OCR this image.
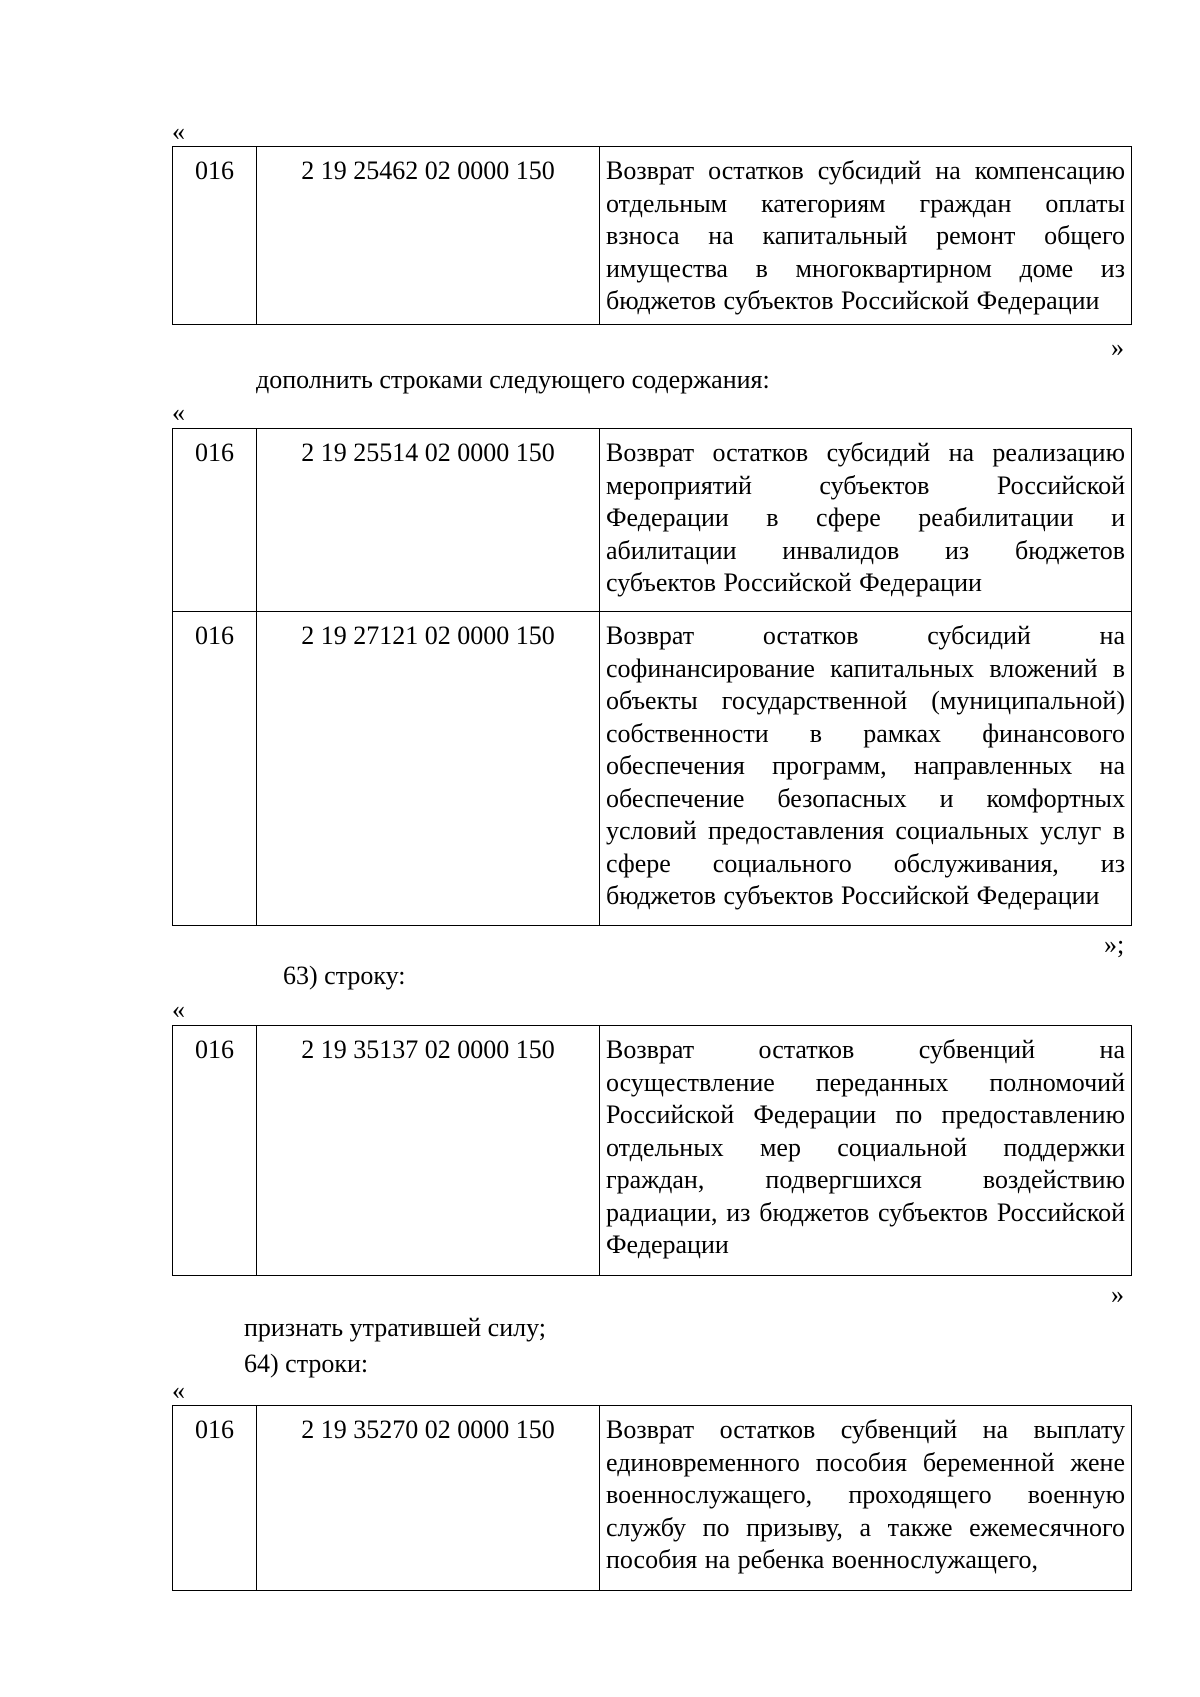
«
016	2 19 25462 02 0000 150	Возврат остатков субсидий на компенсацию отдельным категориям граждан оплаты взноса на капитальный ремонт общего имущества в многоквартирном доме из бюджетов субъектов Российской Федерации
»
дополнить строками следующего содержания:
«
016	2 19 25514 02 0000 150	Возврат остатков субсидий на реализацию мероприятий субъектов Российской Федерации в сфере реабилитации и абилитации инвалидов из бюджетов субъектов Российской Федерации
016	2 19 27121 02 0000 150	Возврат остатков субсидий на софинансирование капитальных вложений в объекты государственной (муниципальной) собственности в рамках финансового обеспечения программ, направленных на обеспечение безопасных и комфортных условий предоставления социальных услуг в сфере социального обслуживания, из бюджетов субъектов Российской Федерации
»;
63) строку:
«
016	2 19 35137 02 0000 150	Возврат остатков субвенций на осуществление переданных полномочий Российской Федерации по предоставлению отдельных мер социальной поддержки граждан, подвергшихся воздействию радиации, из бюджетов субъектов Российской Федерации
»
признать утратившей силу;
64) строки:
«
016	2 19 35270 02 0000 150	Возврат остатков субвенций на выплату единовременного пособия беременной жене военнослужащего, проходящего военную службу по призыву, а также ежемесячного пособия на ребенка военнослужащего,
